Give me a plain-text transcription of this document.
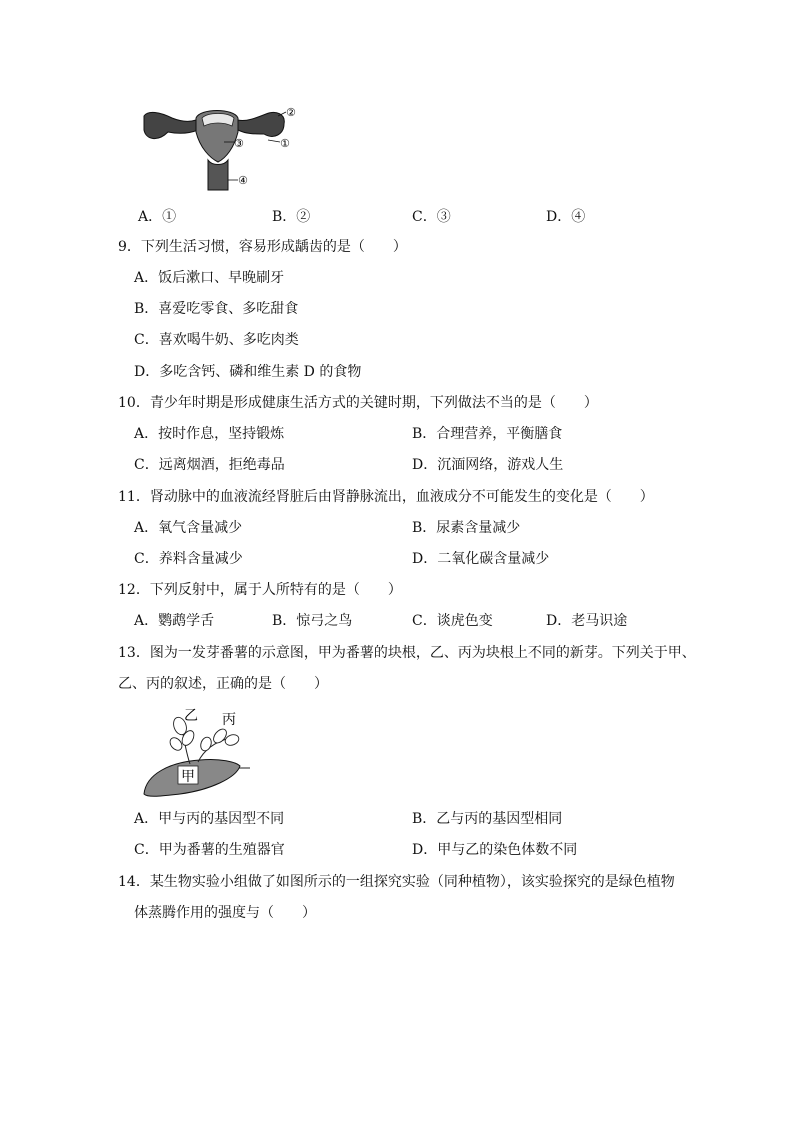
②
③	①
④
A．①	B．②	C．③	D．④
9．下列生活习惯，容易形成龋齿的是（　　）
A．饭后漱口、早晚刷牙
B．喜爱吃零食、多吃甜食
C．喜欢喝牛奶、多吃肉类
D．多吃含钙、磷和维生素 D 的食物
10．青少年时期是形成健康生活方式的关键时期，下列做法不当的是（　　）
A．按时作息，坚持锻炼	B．合理营养，平衡膳食
C．远离烟酒，拒绝毒品	D．沉湎网络，游戏人生
11．肾动脉中的血液流经肾脏后由肾静脉流出，血液成分不可能发生的变化是（　　）
A．氧气含量减少	B．尿素含量减少
C．养料含量减少	D．二氧化碳含量减少
12．下列反射中，属于人所特有的是（　　）
A．鹦鹉学舌	B．惊弓之鸟	C．谈虎色变	D．老马识途
13．图为一发芽番薯的示意图，甲为番薯的块根，乙、丙为块根上不同的新芽。下列关于甲、
乙、丙的叙述，正确的是（　　）
乙 丙
甲
A．甲与丙的基因型不同	B．乙与丙的基因型相同
C．甲为番薯的生殖器官	D．甲与乙的染色体数不同
14．某生物实验小组做了如图所示的一组探究实验（同种植物），该实验探究的是绿色植物
体蒸腾作用的强度与（　　）
